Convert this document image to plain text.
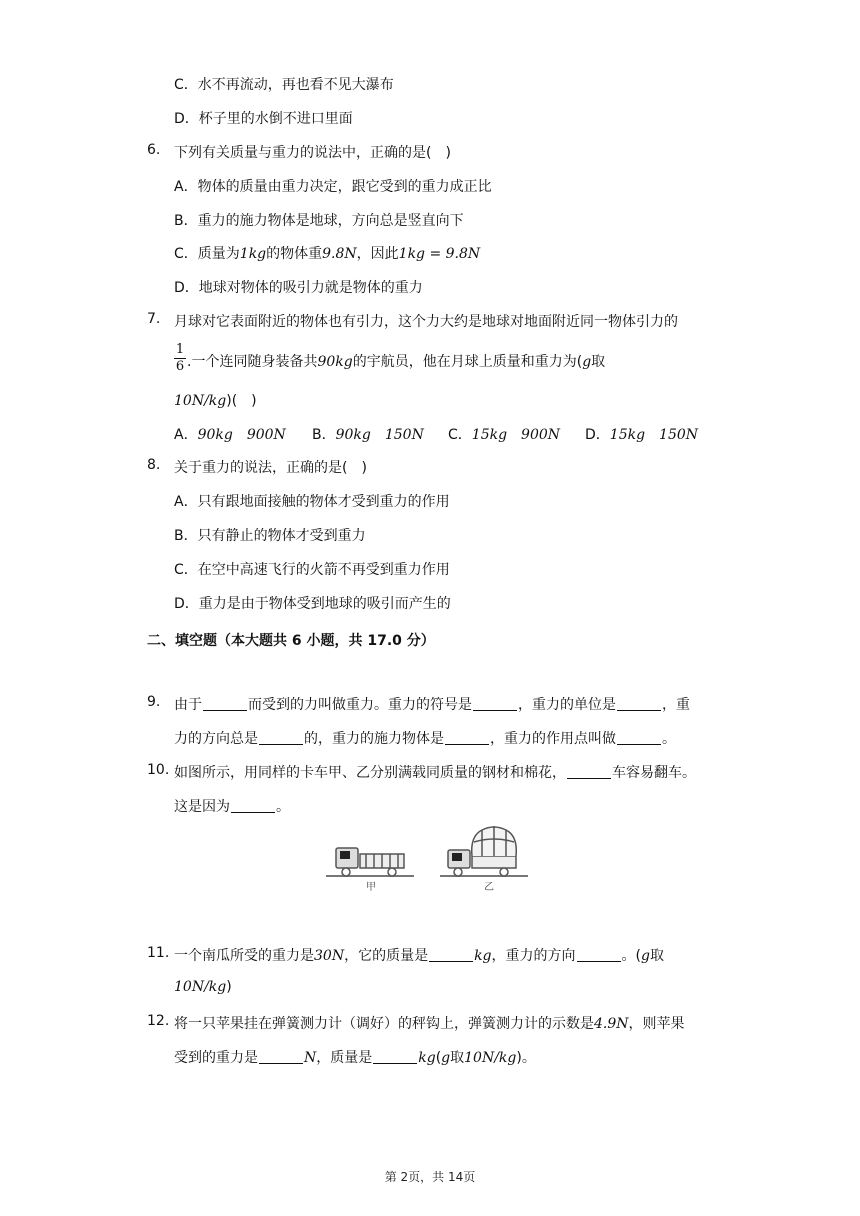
C．水不再流动，再也看不见大瀑布
D．杯子里的水倒不进口里面
6. 下列有关质量与重力的说法中，正确的是(　)
A．物体的质量由重力决定，跟它受到的重力成正比
B．重力的施力物体是地球，方向总是竖直向下
C．质量为1kg的物体重9.8N，因此1kg = 9.8N
D．地球对物体的吸引力就是物体的重力
7. 月球对它表面附近的物体也有引力，这个力大约是地球对地面附近同一物体引力的
1
6 .一个连同随身装备共90kg的宇航员，他在月球上质量和重力为(g取
10N/kg)(　)
A．90kg　900N B．90kg　150N C．15kg　900N D．15kg　150N
8. 关于重力的说法，正确的是(　)
A．只有跟地面接触的物体才受到重力的作用
B．只有静止的物体才受到重力
C．在空中高速飞行的火箭不再受到重力作用
D．重力是由于物体受到地球的吸引而产生的
二、填空题（本大题共 6 小题，共 17.0 分）
9. 由于	而受到的力叫做重力。重力的符号是	，重力的单位是	，重
力的方向总是	的，重力的施力物体是	，重力的作用点叫做	。
10. 如图所示，用同样的卡车甲、乙分别满载同质量的钢材和棉花，	车容易翻车。
这是因为	。
甲	乙
11. 一个南瓜所受的重力是30N，它的质量是	kg，重力的方向	。(g取
10N/kg)
12. 将一只苹果挂在弹簧测力计（调好）的秤钩上，弹簧测力计的示数是4.9N，则苹果
受到的重力是	N，质量是	kg(g取10N/kg)。
第 2页，共 14页
